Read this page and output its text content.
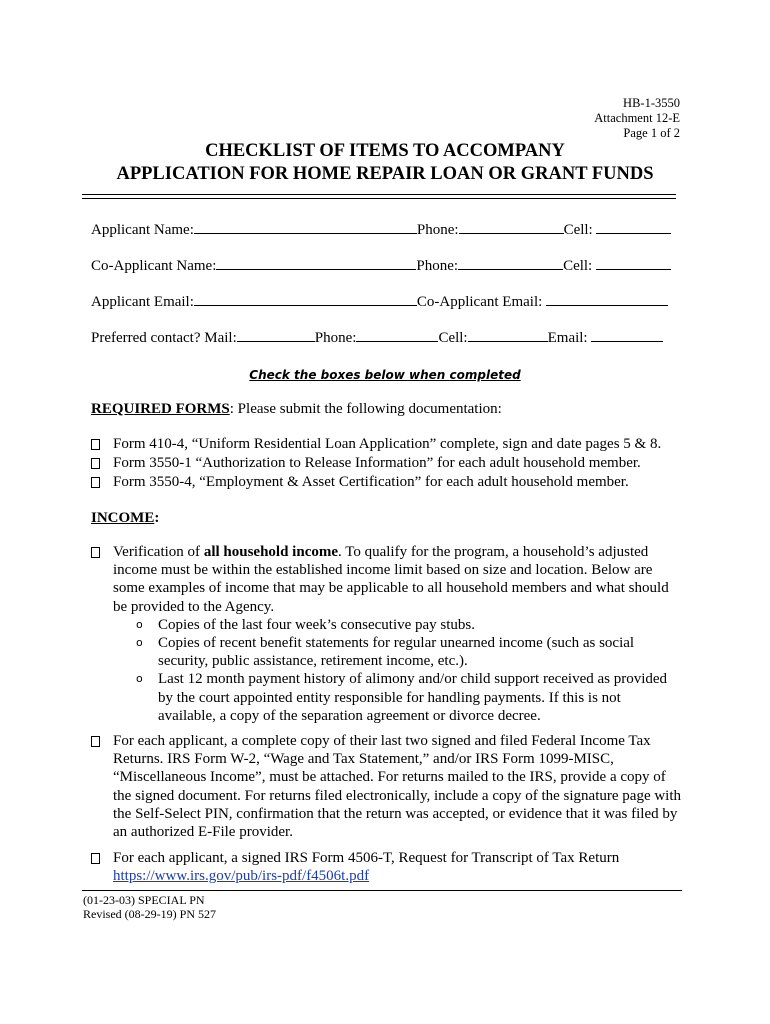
HB-1-3550
Attachment 12-E
Page 1 of 2
CHECKLIST OF ITEMS TO ACCOMPANY
APPLICATION FOR HOME REPAIR LOAN OR GRANT FUNDS
Applicant Name:	Phone:	Cell:
Co-Applicant Name:	Phone:	Cell:
Applicant Email:	Co-Applicant Email:
Preferred contact? Mail:	Phone:	Cell:	Email:
Check the boxes below when completed
REQUIRED FORMS: Please submit the following documentation:
Form 410-4, “Uniform Residential Loan Application” complete, sign and date pages 5 & 8.
Form 3550-1 “Authorization to Release Information” for each adult household member.
Form 3550-4, “Employment & Asset Certification” for each adult household member.
INCOME:
Verification of all household income. To qualify for the program, a household’s adjusted income must be within the established income limit based on size and location. Below are some examples of income that may be applicable to all household members and what should be provided to the Agency.
o Copies of the last four week’s consecutive pay stubs.
o Copies of recent benefit statements for regular unearned income (such as social security, public assistance, retirement income, etc.).
o Last 12 month payment history of alimony and/or child support received as provided by the court appointed entity responsible for handling payments. If this is not available, a copy of the separation agreement or divorce decree.
For each applicant, a complete copy of their last two signed and filed Federal Income Tax Returns. IRS Form W-2, “Wage and Tax Statement,” and/or IRS Form 1099-MISC, “Miscellaneous Income”, must be attached. For returns mailed to the IRS, provide a copy of the signed document. For returns filed electronically, include a copy of the signature page with the Self-Select PIN, confirmation that the return was accepted, or evidence that it was filed by an authorized E-File provider.
For each applicant, a signed IRS Form 4506-T, Request for Transcript of Tax Return
https://www.irs.gov/pub/irs-pdf/f4506t.pdf
(01-23-03) SPECIAL PN
Revised (08-29-19) PN 527
